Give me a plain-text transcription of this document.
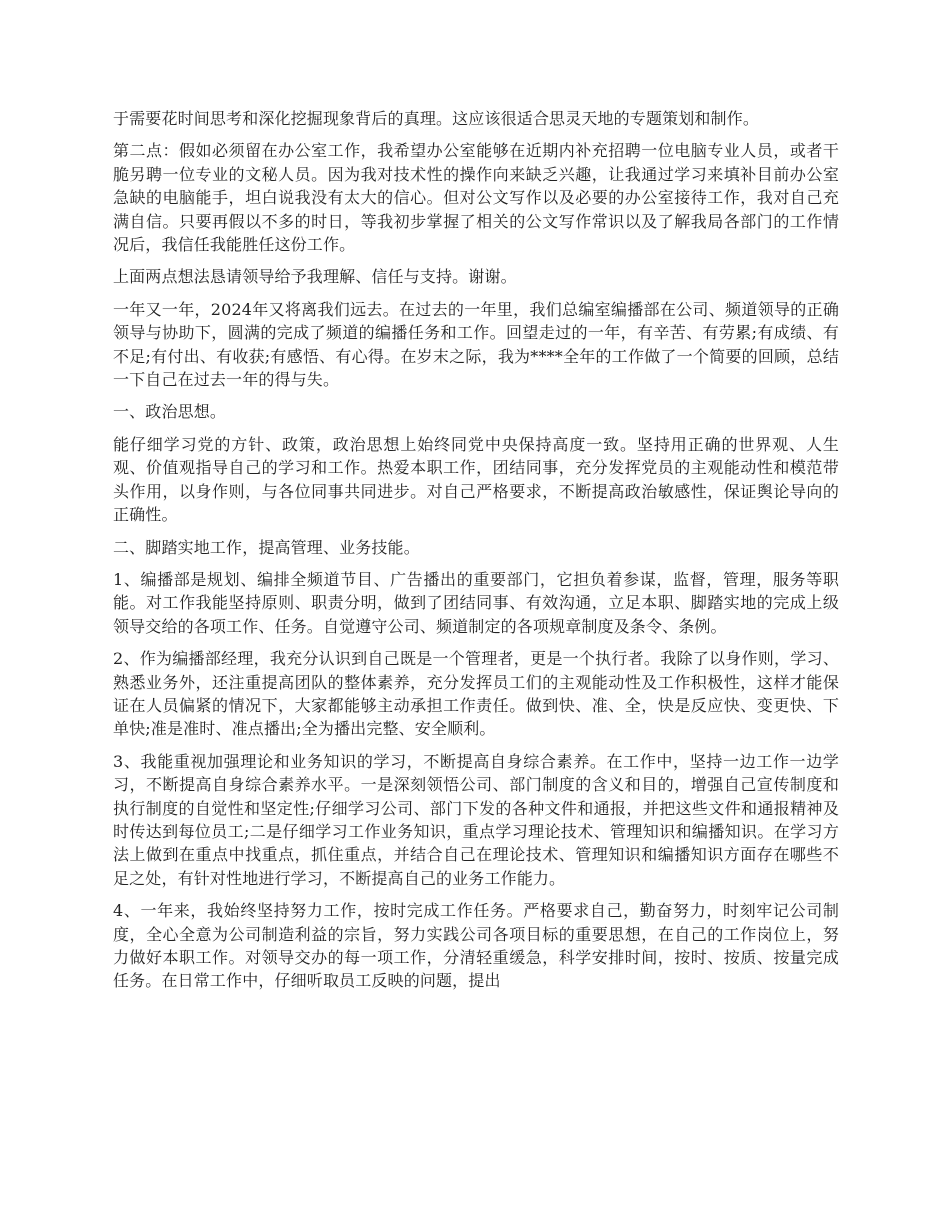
于需要花时间思考和深化挖掘现象背后的真理。这应该很适合思灵天地的专题策划和制作。

第二点：假如必须留在办公室工作，我希望办公室能够在近期内补充招聘一位电脑专业人员，或者干脆另聘一位专业的文秘人员。因为我对技术性的操作向来缺乏兴趣，让我通过学习来填补目前办公室急缺的电脑能手，坦白说我没有太大的信心。但对公文写作以及必要的办公室接待工作，我对自己充满自信。只要再假以不多的时日，等我初步掌握了相关的公文写作常识以及了解我局各部门的工作情况后，我信任我能胜任这份工作。

上面两点想法恳请领导给予我理解、信任与支持。谢谢。

一年又一年，2024年又将离我们远去。在过去的一年里，我们总编室编播部在公司、频道领导的正确领导与协助下，圆满的完成了频道的编播任务和工作。回望走过的一年，有辛苦、有劳累;有成绩、有不足;有付出、有收获;有感悟、有心得。在岁末之际，我为****全年的工作做了一个简要的回顾，总结一下自己在过去一年的得与失。

一、政治思想。

能仔细学习党的方针、政策，政治思想上始终同党中央保持高度一致。坚持用正确的世界观、人生观、价值观指导自己的学习和工作。热爱本职工作，团结同事，充分发挥党员的主观能动性和模范带头作用，以身作则，与各位同事共同进步。对自己严格要求，不断提高政治敏感性，保证舆论导向的正确性。

二、脚踏实地工作，提高管理、业务技能。

1、编播部是规划、编排全频道节目、广告播出的重要部门，它担负着参谋，监督，管理，服务等职能。对工作我能坚持原则、职责分明，做到了团结同事、有效沟通，立足本职、脚踏实地的完成上级领导交给的各项工作、任务。自觉遵守公司、频道制定的各项规章制度及条令、条例。

2、作为编播部经理，我充分认识到自己既是一个管理者，更是一个执行者。我除了以身作则，学习、熟悉业务外，还注重提高团队的整体素养，充分发挥员工们的主观能动性及工作积极性，这样才能保证在人员偏紧的情况下，大家都能够主动承担工作责任。做到快、准、全，快是反应快、变更快、下单快;准是准时、准点播出;全为播出完整、安全顺利。

3、我能重视加强理论和业务知识的学习，不断提高自身综合素养。在工作中，坚持一边工作一边学习，不断提高自身综合素养水平。一是深刻领悟公司、部门制度的含义和目的，增强自己宣传制度和执行制度的自觉性和坚定性;仔细学习公司、部门下发的各种文件和通报，并把这些文件和通报精神及时传达到每位员工;二是仔细学习工作业务知识，重点学习理论技术、管理知识和编播知识。在学习方法上做到在重点中找重点，抓住重点，并结合自己在理论技术、管理知识和编播知识方面存在哪些不足之处，有针对性地进行学习，不断提高自己的业务工作能力。

4、一年来，我始终坚持努力工作，按时完成工作任务。严格要求自己，勤奋努力，时刻牢记公司制度，全心全意为公司制造利益的宗旨，努力实践公司各项目标的重要思想，在自己的工作岗位上，努力做好本职工作。对领导交办的每一项工作，分清轻重缓急，科学安排时间，按时、按质、按量完成任务。在日常工作中，仔细听取员工反映的问题，提出
